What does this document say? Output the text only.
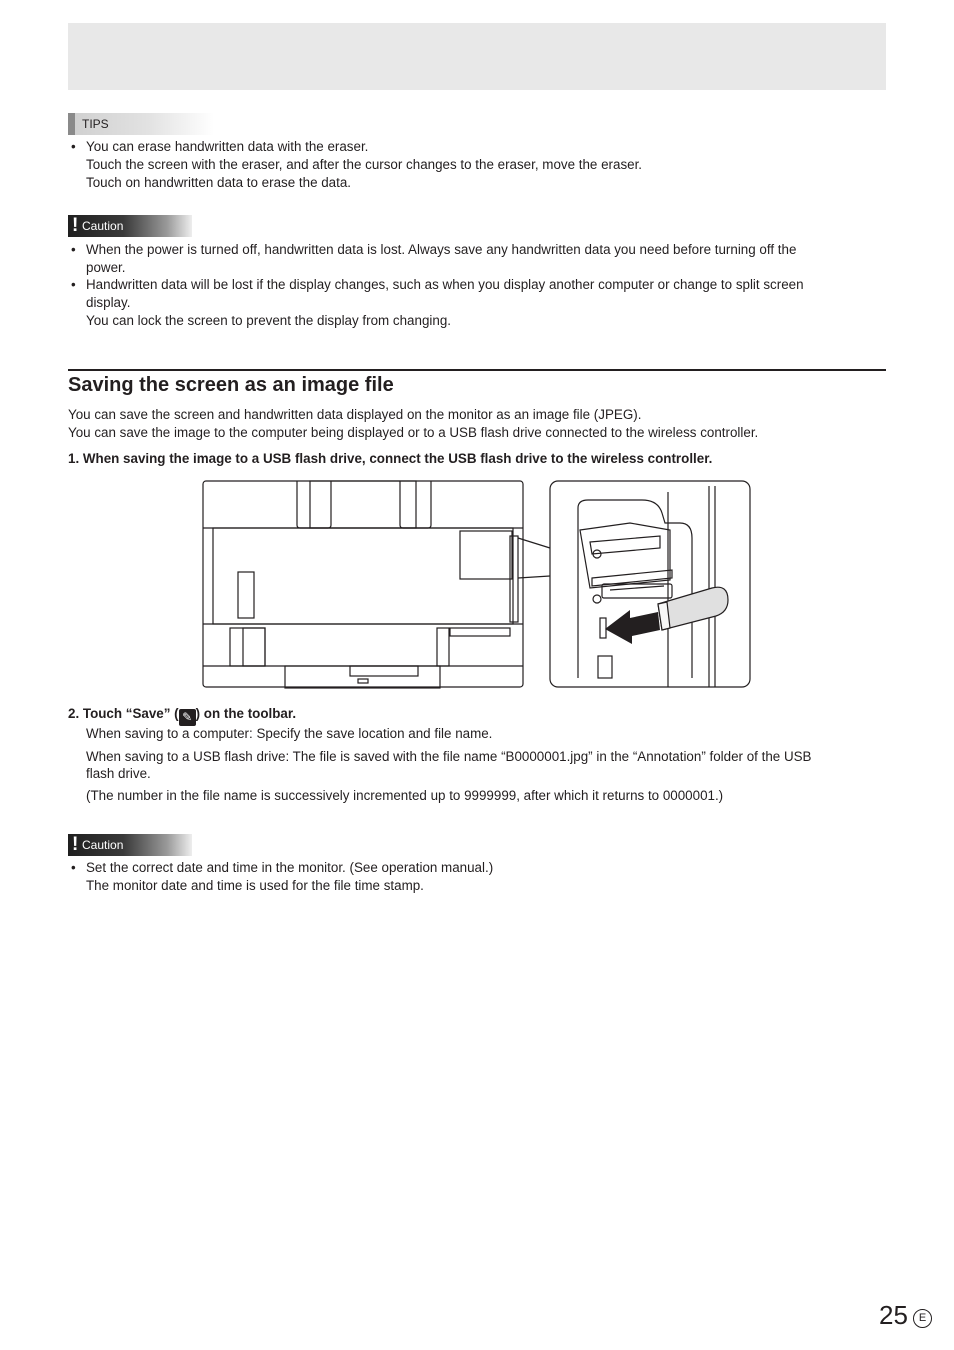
TIPS
• You can erase handwritten data with the eraser.
Touch the screen with the eraser, and after the cursor changes to the eraser, move the eraser.
Touch on handwritten data to erase the data.
! Caution
• When the power is turned off, handwritten data is lost. Always save any handwritten data you need before turning off the
power.
• Handwritten data will be lost if the display changes, such as when you display another computer or change to split screen
display.
You can lock the screen to prevent the display from changing.
Saving the screen as an image file
You can save the screen and handwritten data displayed on the monitor as an image file (JPEG).
You can save the image to the computer being displayed or to a USB flash drive connected to the wireless controller.
1. When saving the image to a USB flash drive, connect the USB flash drive to the wireless controller.
2. Touch “Save” ( ✎ ) on the toolbar.
When saving to a computer: Specify the save location and file name.
When saving to a USB flash drive: The file is saved with the file name “B0000001.jpg” in the “Annotation” folder of the USB
flash drive.
(The number in the file name is successively incremented up to 9999999, after which it returns to 0000001.)
! Caution
• Set the correct date and time in the monitor. (See operation manual.)
The monitor date and time is used for the file time stamp.
25 E
